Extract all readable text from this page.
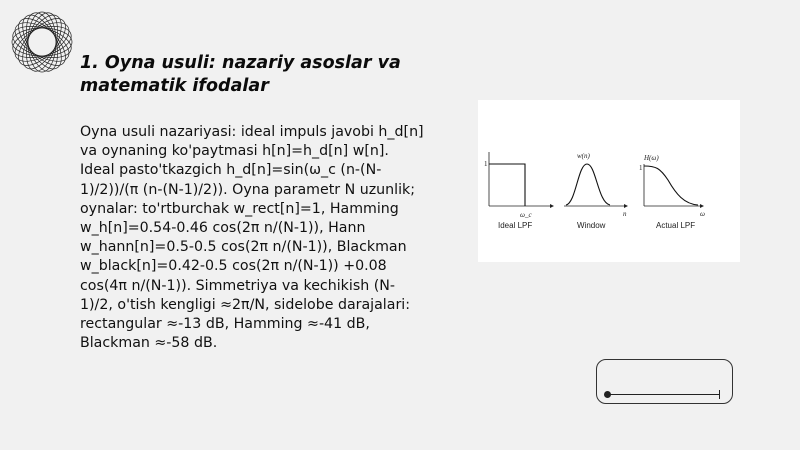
1. Oyna usuli: nazariy asoslar va matematik ifodalar

Oyna usuli nazariyasi: ideal impuls javobi h_d[n] va oynaning ko'paytmasi h[n]=h_d[n] w[n]. Ideal pasto'tkazgich h_d[n]=sin(ω_c (n-(N-1)/2))/(π (n-(N-1)/2)). Oyna parametr N uzunlik; oynalar: to'rtburchak w_rect[n]=1, Hamming w_h[n]=0.54-0.46 cos(2π n/(N-1)), Hann w_hann[n]=0.5-0.5 cos(2π n/(N-1)), Blackman w_black[n]=0.42-0.5 cos(2π n/(N-1)) +0.08 cos(4π n/(N-1)). Simmetriya va kechikish (N-1)/2, o'tish kengligi ≈2π/N, sidelobe darajalari: rectangular ≈-13 dB, Hamming ≈-41 dB, Blackman ≈-58 dB.

1
ω_c
Ideal LPF
w(n)
n
Window
H(ω)
1
ω
Actual LPF
